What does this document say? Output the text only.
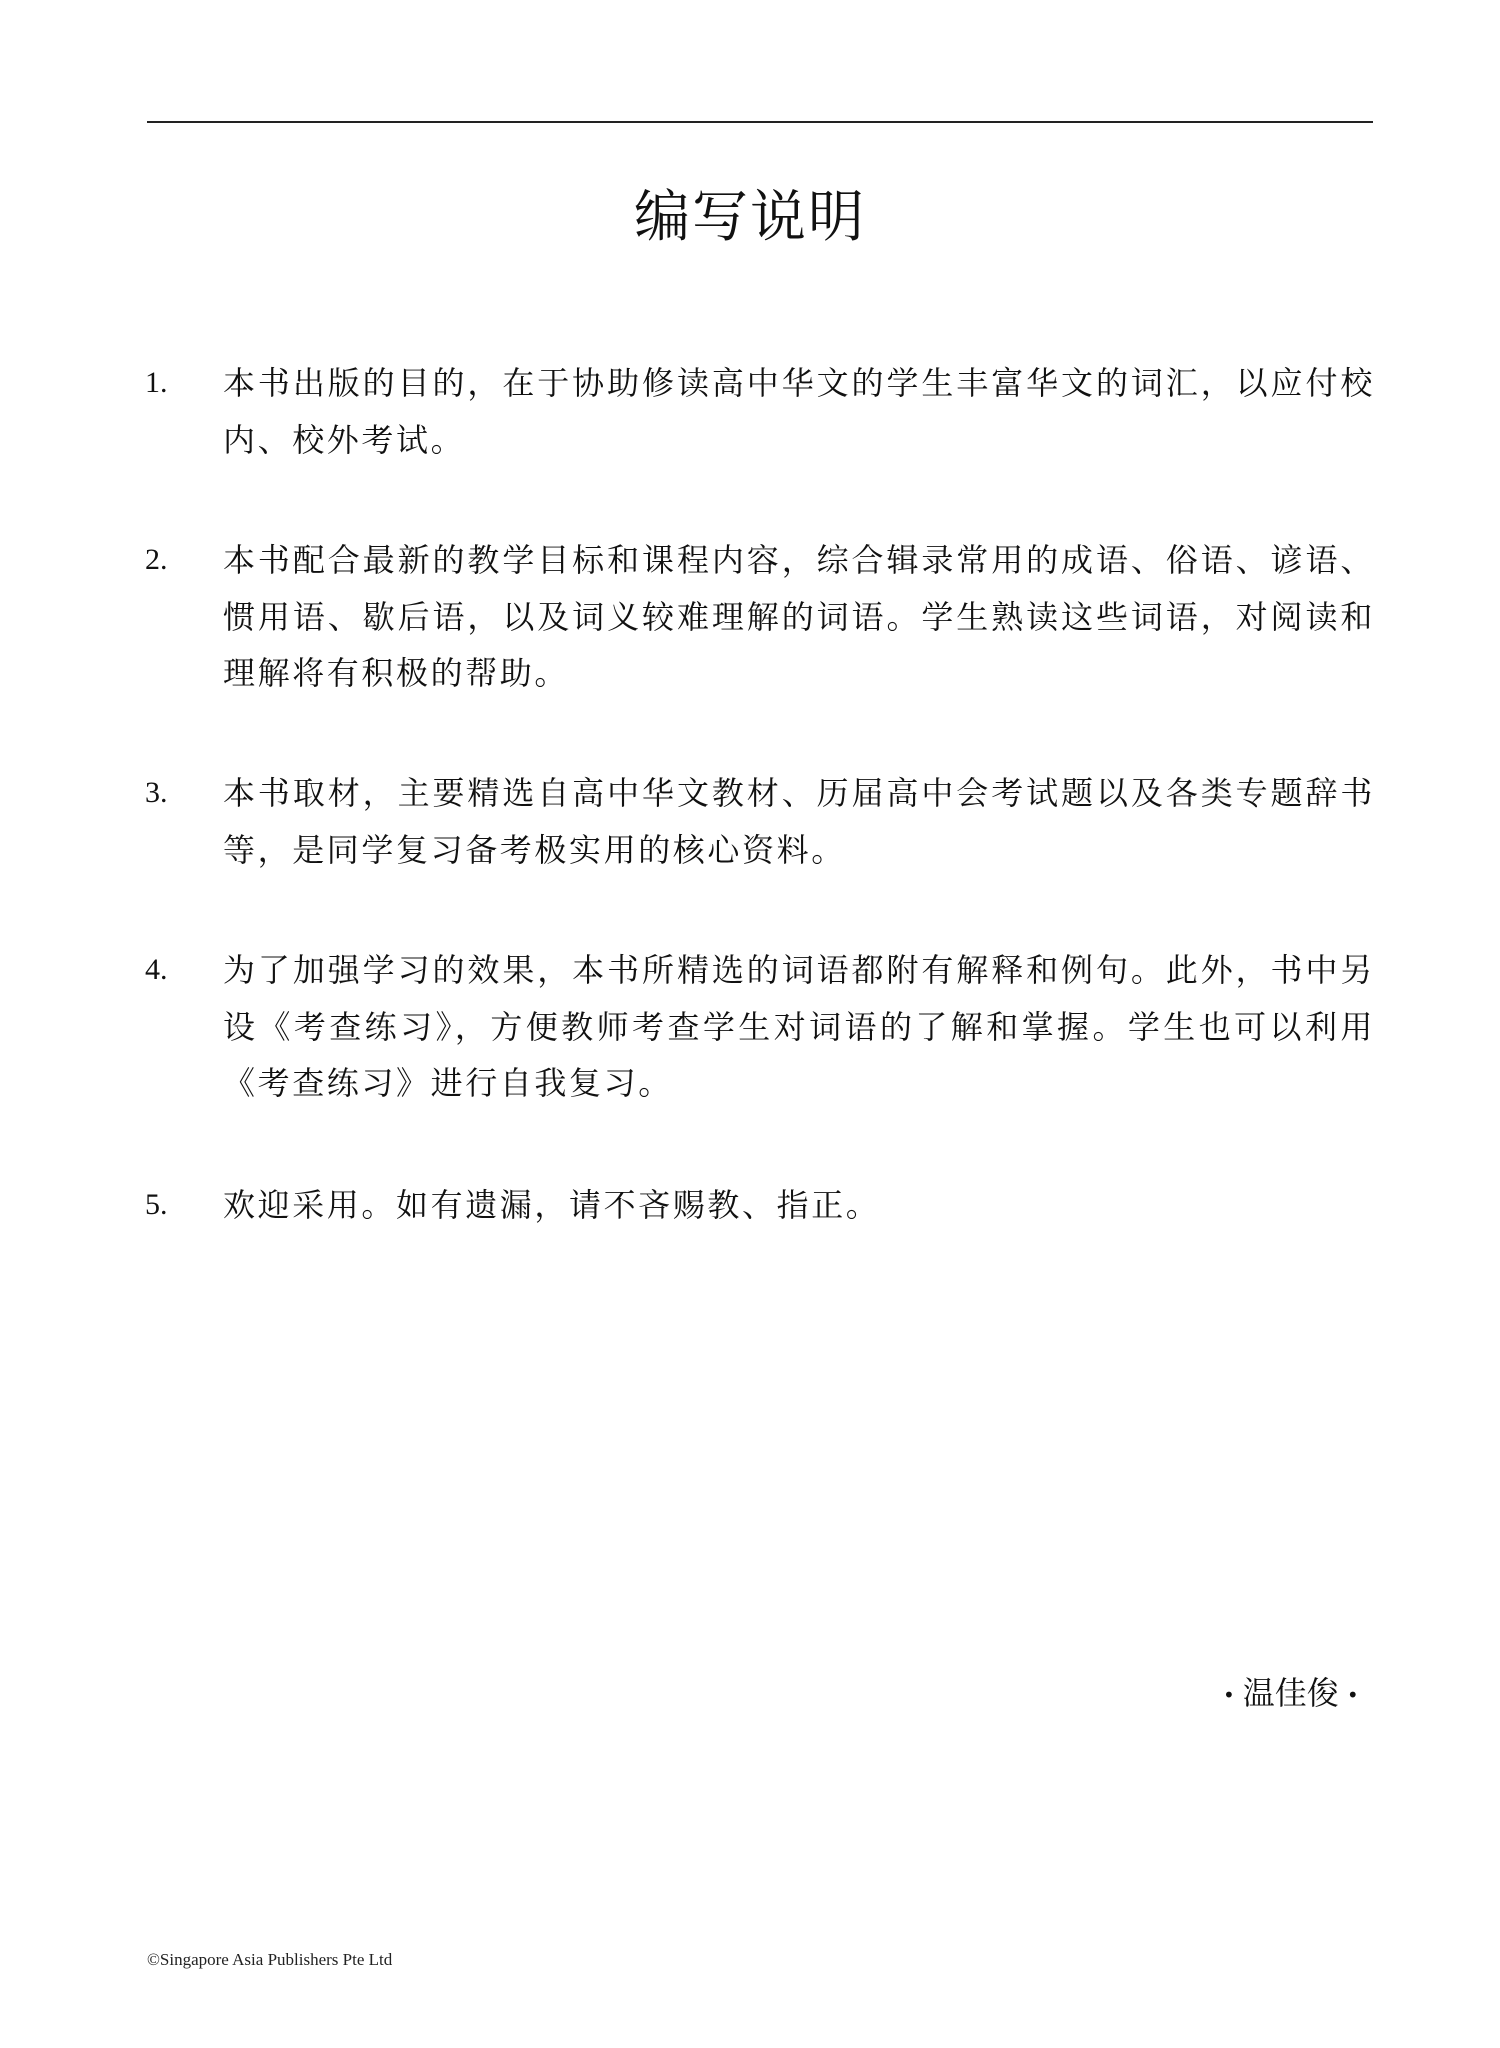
编写说明
1. 本书出版的目的，在于协助修读高中华文的学生丰富华文的词汇，以应付校内、校外考试。
2. 本书配合最新的教学目标和课程内容，综合辑录常用的成语、俗语、谚语、惯用语、歇后语，以及词义较难理解的词语。学生熟读这些词语，对阅读和理解将有积极的帮助。
3. 本书取材，主要精选自高中华文教材、历届高中会考试题以及各类专题辞书等，是同学复习备考极实用的核心资料。
4. 为了加强学习的效果，本书所精选的词语都附有解释和例句。此外，书中另设《考查练习》，方便教师考查学生对词语的了解和掌握。学生也可以利用《考查练习》进行自我复习。
5. 欢迎采用。如有遗漏，请不吝赐教、指正。
• 温佳俊 •
©Singapore Asia Publishers Pte Ltd
